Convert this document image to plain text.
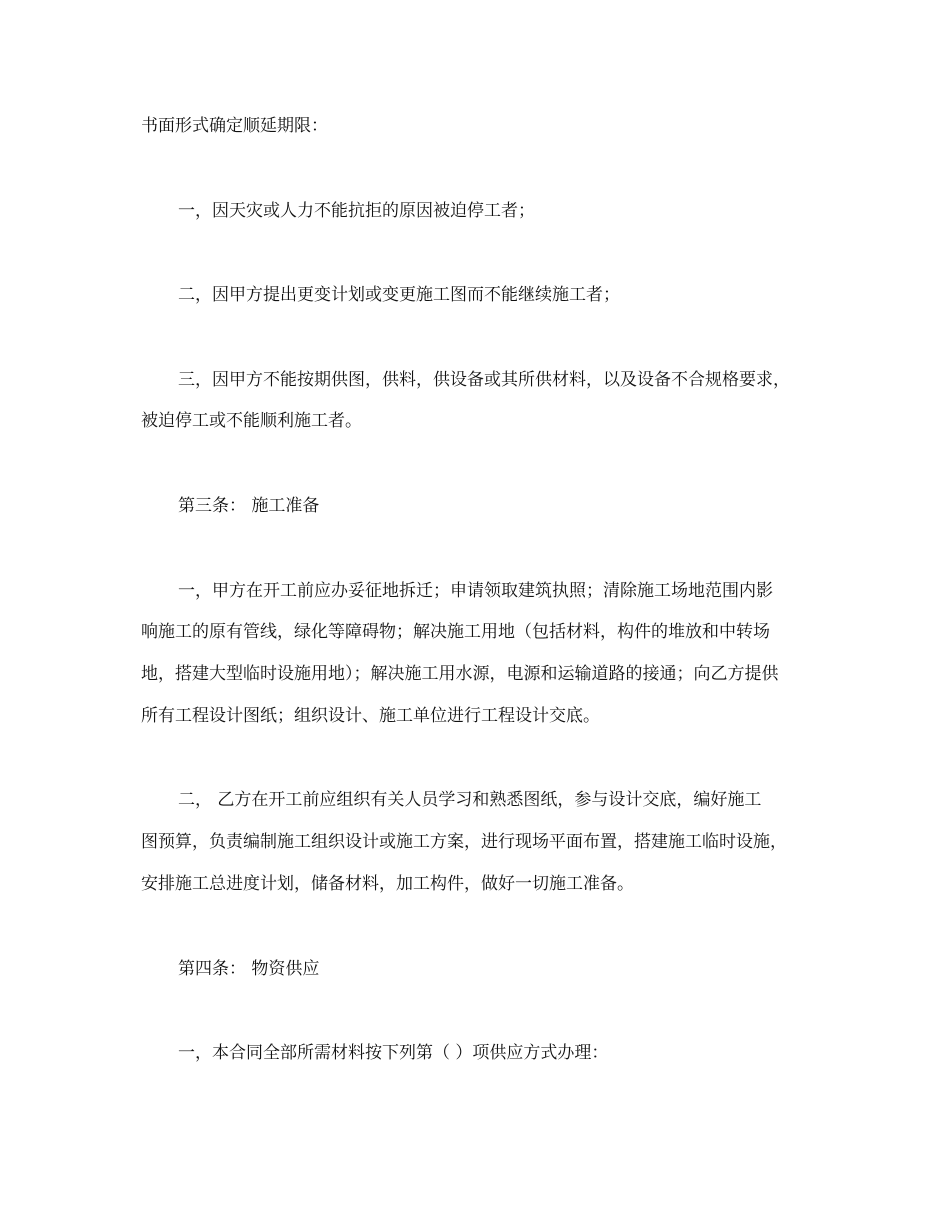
书面形式确定顺延期限：
一，因天灾或人力不能抗拒的原因被迫停工者；
二，因甲方提出更变计划或变更施工图而不能继续施工者；
三，因甲方不能按期供图，供料，供设备或其所供材料，以及设备不合规格要求，
被迫停工或不能顺利施工者。
第三条： 施工准备
一，甲方在开工前应办妥征地拆迁；申请领取建筑执照；清除施工场地范围内影
响施工的原有管线，绿化等障碍物；解决施工用地（包括材料，构件的堆放和中转场
地，搭建大型临时设施用地）；解决施工用水源，电源和运输道路的接通；向乙方提供
所有工程设计图纸；组织设计、施工单位进行工程设计交底。
二， 乙方在开工前应组织有关人员学习和熟悉图纸，参与设计交底，编好施工
图预算，负责编制施工组织设计或施工方案，进行现场平面布置，搭建施工临时设施，
安排施工总进度计划，储备材料，加工构件，做好一切施工准备。
第四条： 物资供应
一，本合同全部所需材料按下列第（ ）项供应方式办理：
